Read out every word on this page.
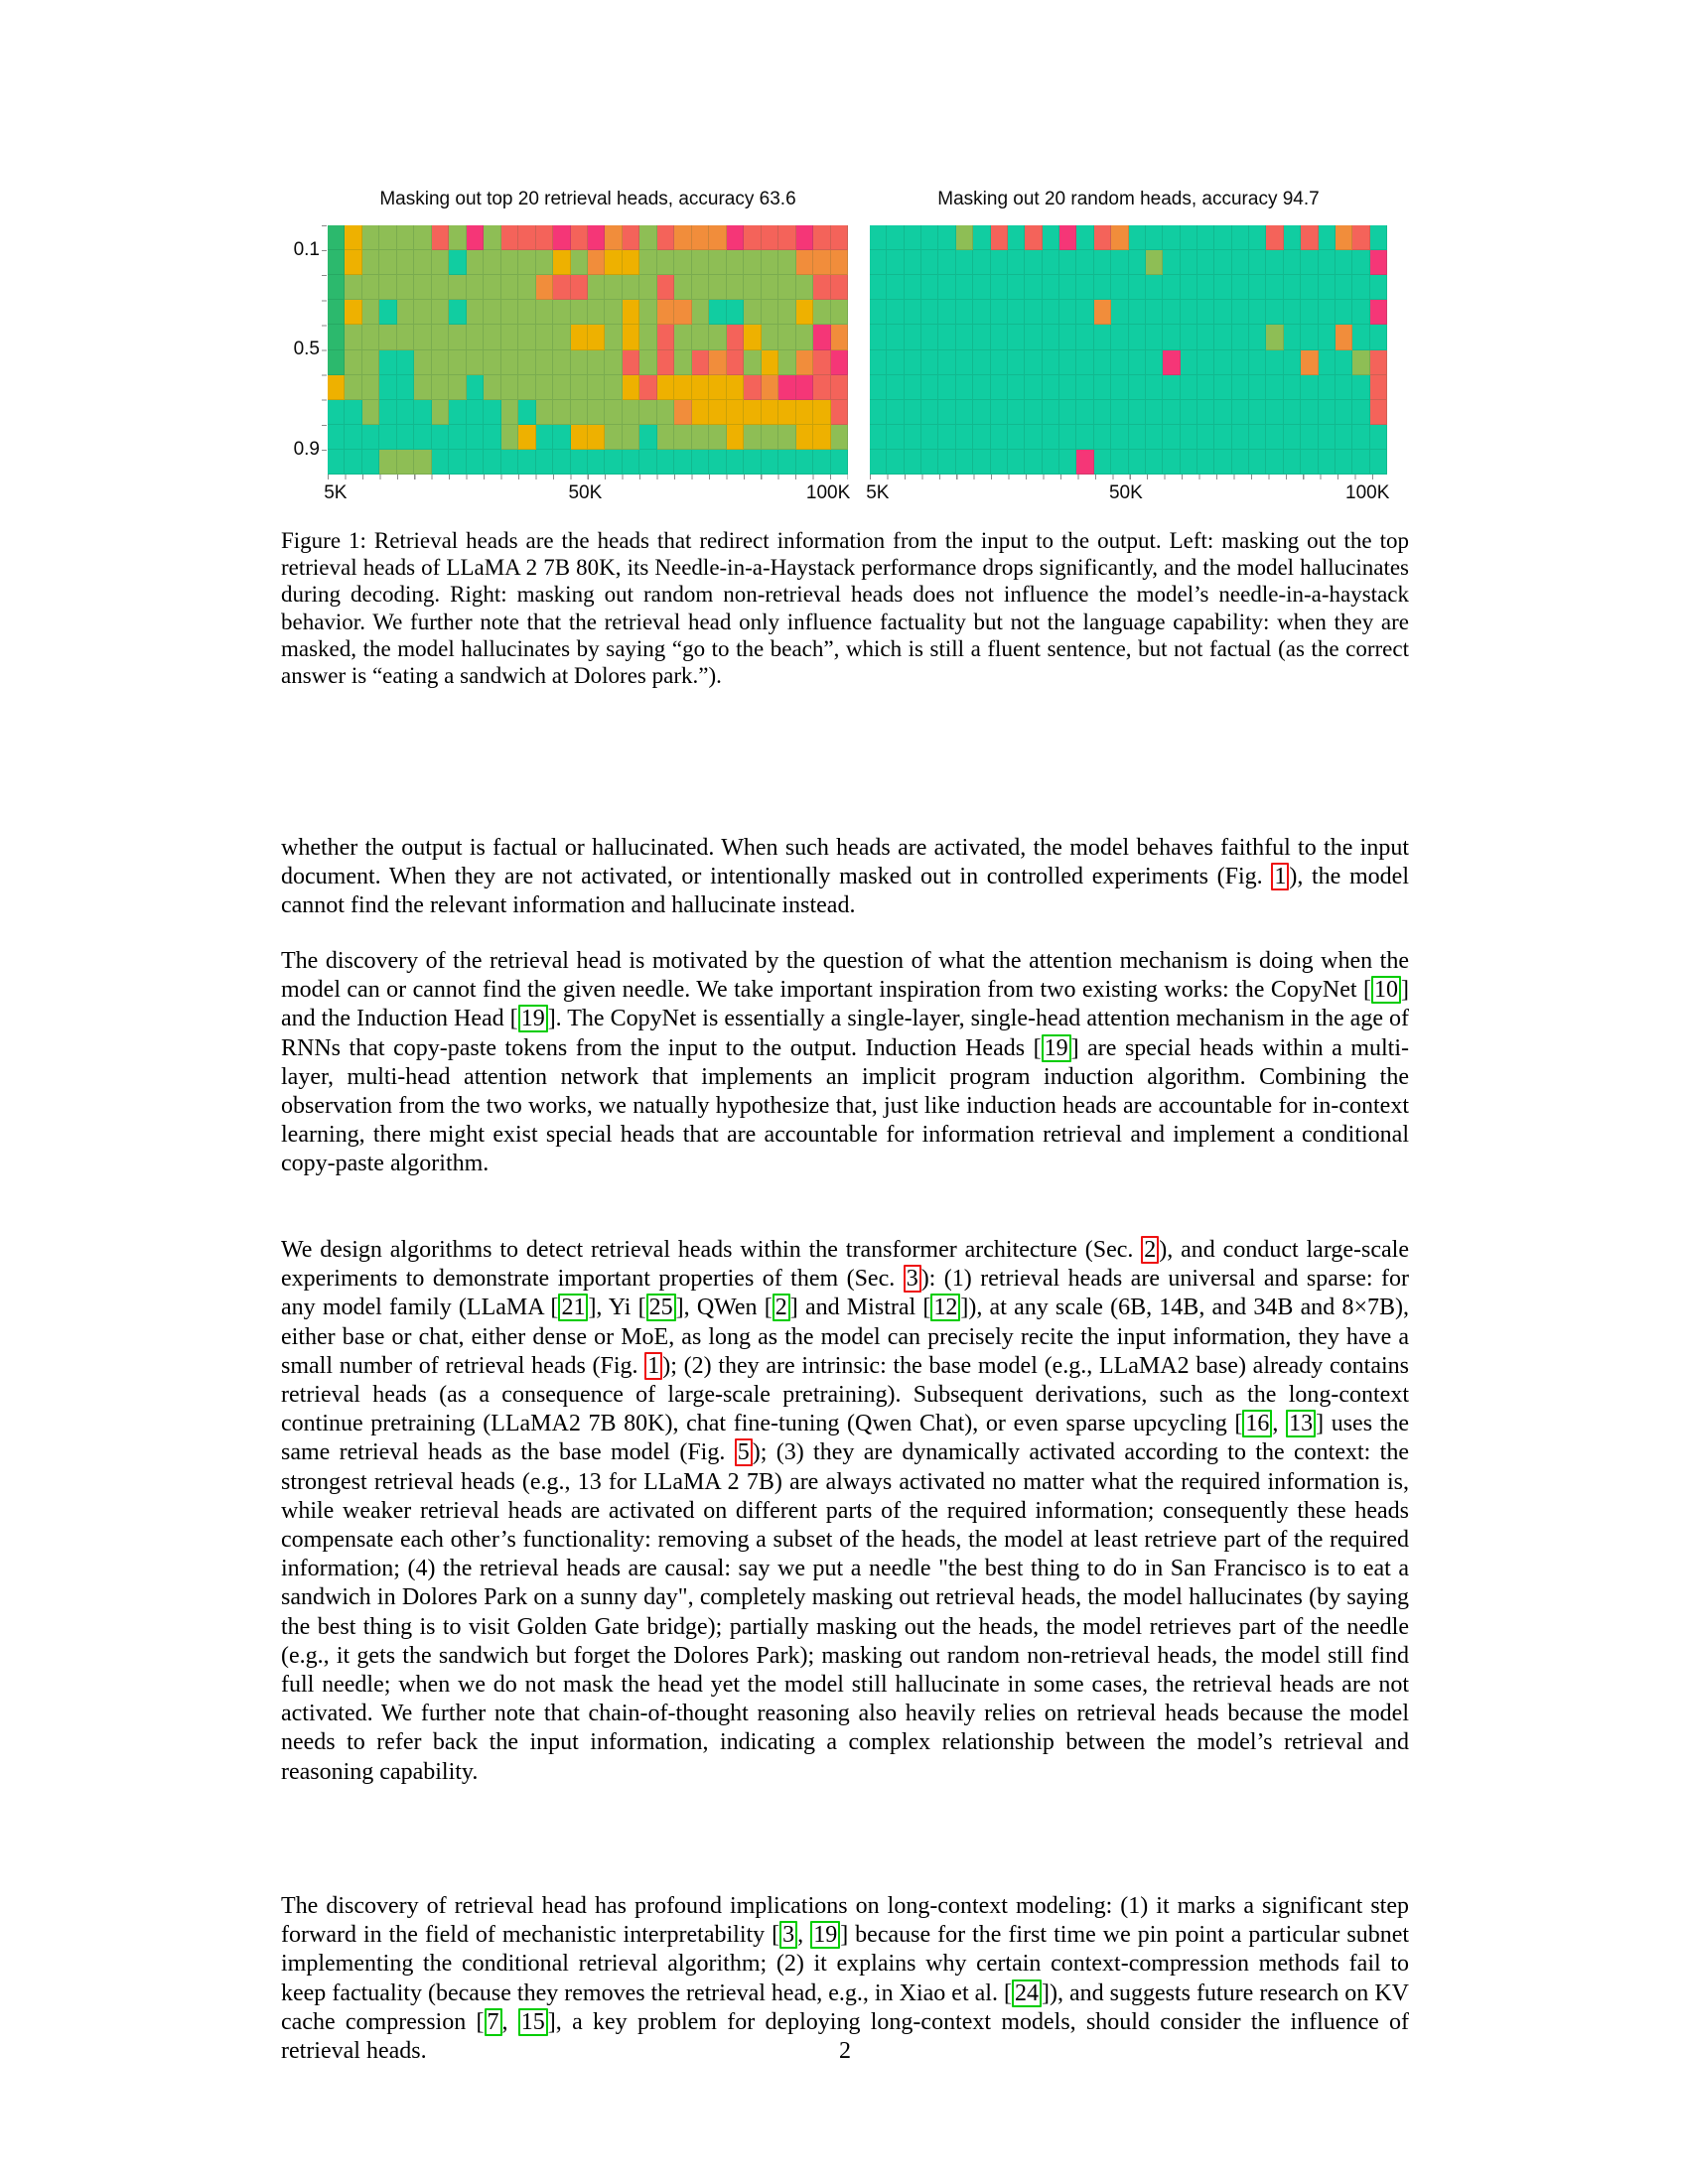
Masking out top 20 retrieval heads, accuracy 63.6	Masking out 20 random heads, accuracy 94.7
0.1
0.5
0.9
5K	50K	100K 5K	50K	100K
Figure 1: Retrieval heads are the heads that redirect information from the input to the output. Left: masking out the top retrieval heads of LLaMA 2 7B 80K, its Needle-in-a-Haystack performance drops significantly, and the model hallucinates during decoding. Right: masking out random non-retrieval heads does not influence the model’s needle-in-a-haystack behavior. We further note that the retrieval head only influence factuality but not the language capability: when they are masked, the model hallucinates by saying “go to the beach”, which is still a fluent sentence, but not factual (as the correct answer is “eating a sandwich at Dolores park.”).

whether the output is factual or hallucinated. When such heads are activated, the model behaves faithful to the input document. When they are not activated, or intentionally masked out in controlled experiments (Fig. 1 ), the model cannot find the relevant information and hallucinate instead.

The discovery of the retrieval head is motivated by the question of what the attention mechanism is doing when the model can or cannot find the given needle. We take important inspiration from two existing works: the CopyNet [ 10 ] and the Induction Head [ 19 ]. The CopyNet is essentially a single-layer, single-head attention mechanism in the age of RNNs that copy-paste tokens from the input to the output. Induction Heads [ 19 ] are special heads within a multi-layer, multi-head attention network that implements an implicit program induction algorithm. Combining the observation from the two works, we natually hypothesize that, just like induction heads are accountable for in-context learning, there might exist special heads that are accountable for information retrieval and implement a conditional copy-paste algorithm.

We design algorithms to detect retrieval heads within the transformer architecture (Sec. 2 ), and conduct large-scale experiments to demonstrate important properties of them (Sec. 3 ): (1) retrieval heads are universal and sparse: for any model family (LLaMA [ 21 ], Yi [ 25 ], QWen [ 2 ] and Mistral [ 12 ]), at any scale (6B, 14B, and 34B and 8×7B), either base or chat, either dense or MoE, as long as the model can precisely recite the input information, they have a small number of retrieval heads (Fig. 1 ); (2) they are intrinsic: the base model (e.g., LLaMA2 base) already contains retrieval heads (as a consequence of large-scale pretraining). Subsequent derivations, such as the long-context continue pretraining (LLaMA2 7B 80K), chat fine-tuning (Qwen Chat), or even sparse upcycling [ 16 , 13 ] uses the same retrieval heads as the base model (Fig. 5 ); (3) they are dynamically activated according to the context: the strongest retrieval heads (e.g., 13 for LLaMA 2 7B) are always activated no matter what the required information is, while weaker retrieval heads are activated on different parts of the required information; consequently these heads compensate each other’s functionality: removing a subset of the heads, the model at least retrieve part of the required information; (4) the retrieval heads are causal: say we put a needle "the best thing to do in San Francisco is to eat a sandwich in Dolores Park on a sunny day", completely masking out retrieval heads, the model hallucinates (by saying the best thing is to visit Golden Gate bridge); partially masking out the heads, the model retrieves part of the needle (e.g., it gets the sandwich but forget the Dolores Park); masking out random non-retrieval heads, the model still find full needle; when we do not mask the head yet the model still hallucinate in some cases, the retrieval heads are not activated. We further note that chain-of-thought reasoning also heavily relies on retrieval heads because the model needs to refer back the input information, indicating a complex relationship between the model’s retrieval and reasoning capability.

The discovery of retrieval head has profound implications on long-context modeling: (1) it marks a significant step forward in the field of mechanistic interpretability [ 3 , 19 ] because for the first time we pin point a particular subnet implementing the conditional retrieval algorithm; (2) it explains why certain context-compression methods fail to keep factuality (because they removes the retrieval head, e.g., in Xiao et al. [ 24 ]), and suggests future research on KV cache compression [ 7 , 15 ], a key problem for deploying long-context models, should consider the influence of retrieval heads.	2
